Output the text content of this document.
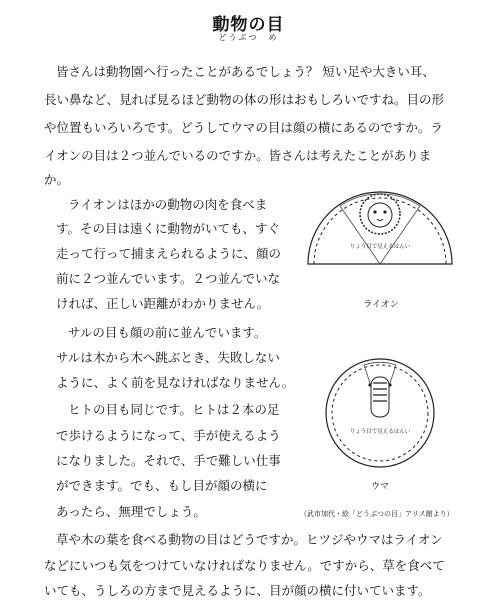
動物の目
どうぶつ　め
皆さんは動物園へ行ったことがあるでしょう？ 短い足や大きい耳、
長い鼻など、見れば見るほど動物の体の形はおもしろいですね。目の形
や位置もいろいろです。どうしてウマの目は顔の横にあるのですか。ラ
イオンの目は２つ並んでいるのですか。皆さんは考えたことがありま
か。
ライオンはほかの動物の肉を食べま
す。その目は遠くに動物がいても、すぐ
走って行って捕まえられるように、顔の
前に２つ並んでいます。２つ並んでいな
ければ、正しい距離がわかりません。
サルの目も顔の前に並んでいます。
サルは木から木へ跳ぶとき、失敗しない
ように、よく前を見なければなりません。
ヒトの目も同じです。ヒトは２本の足
で歩けるようになって、手が使えるよう
になりました。それで、手で難しい仕事
ができます。でも、もし目が顔の横に
あったら、無理でしょう。
草や木の葉を食べる動物の目はどうですか。ヒツジやウマはライオン
などにいつも気をつけていなければなりません。ですから、草を食べて
いても、うしろの方まで見えるように、目が顔の横に付いています。
りょう目で見えるはんい
ライオン
りょう目で見えるはんい
ウマ
（武市加代・絵「どうぶつの目」アリス館より）
